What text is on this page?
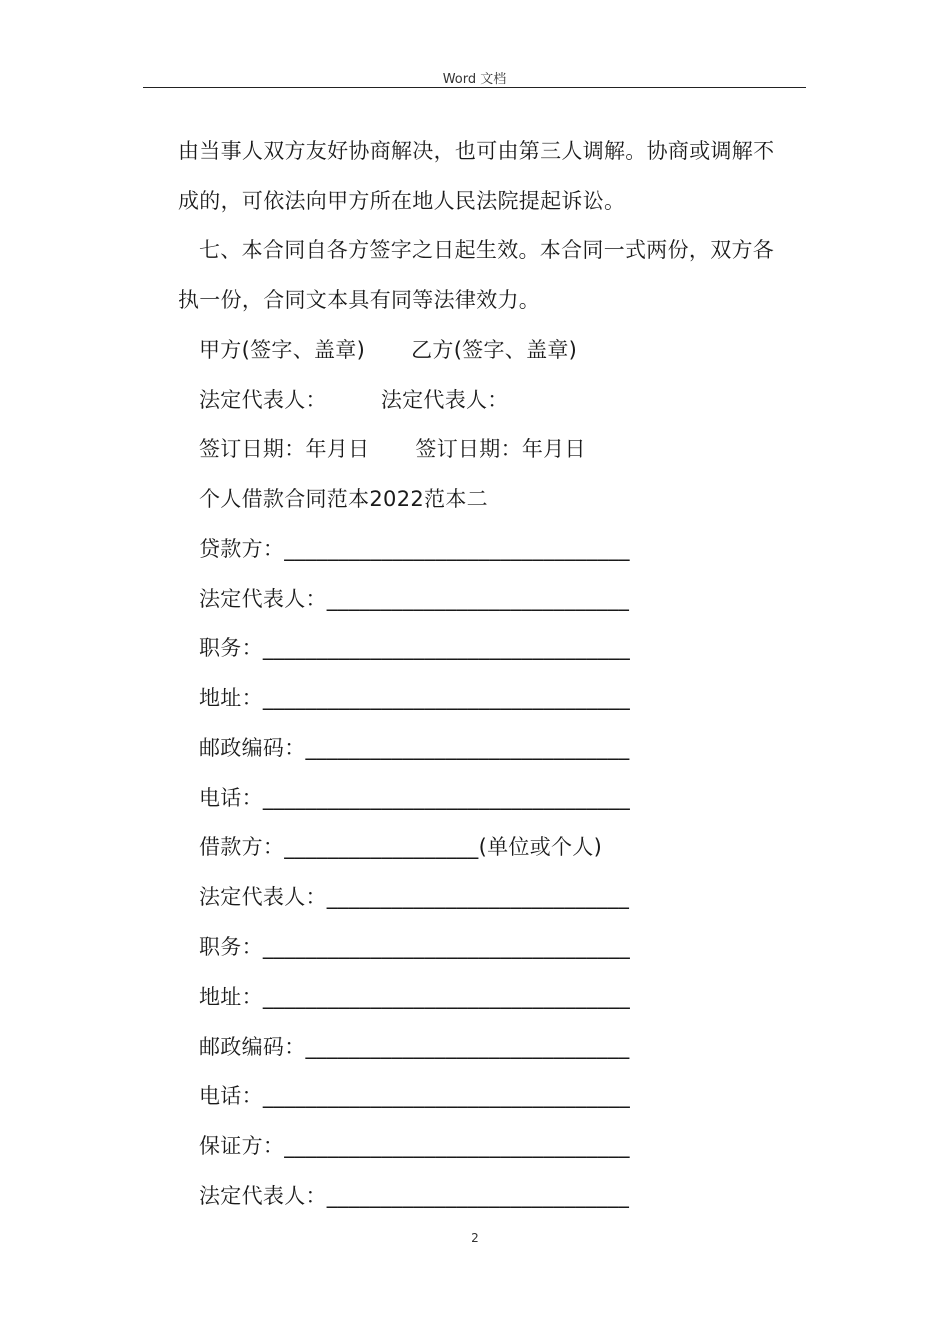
Word 文档
由当事人双方友好协商解决，也可由第三人调解。协商或调解不
成的，可依法向甲方所在地人民法院提起诉讼。
七、本合同自各方签字之日起生效。本合同一式两份，双方各
执一份，合同文本具有同等法律效力。
甲方(签字、盖章) 乙方(签字、盖章)
法定代表人：	法定代表人：
签订日期：年月日 签订日期：年月日
个人借款合同范本2022范本二
贷款方：________________________________
法定代表人：____________________________
职务：__________________________________
地址：__________________________________
邮政编码：______________________________
电话：__________________________________
借款方：__________________(单位或个人)
法定代表人：____________________________
职务：__________________________________
地址：__________________________________
邮政编码：______________________________
电话：__________________________________
保证方：________________________________
法定代表人：____________________________
2
